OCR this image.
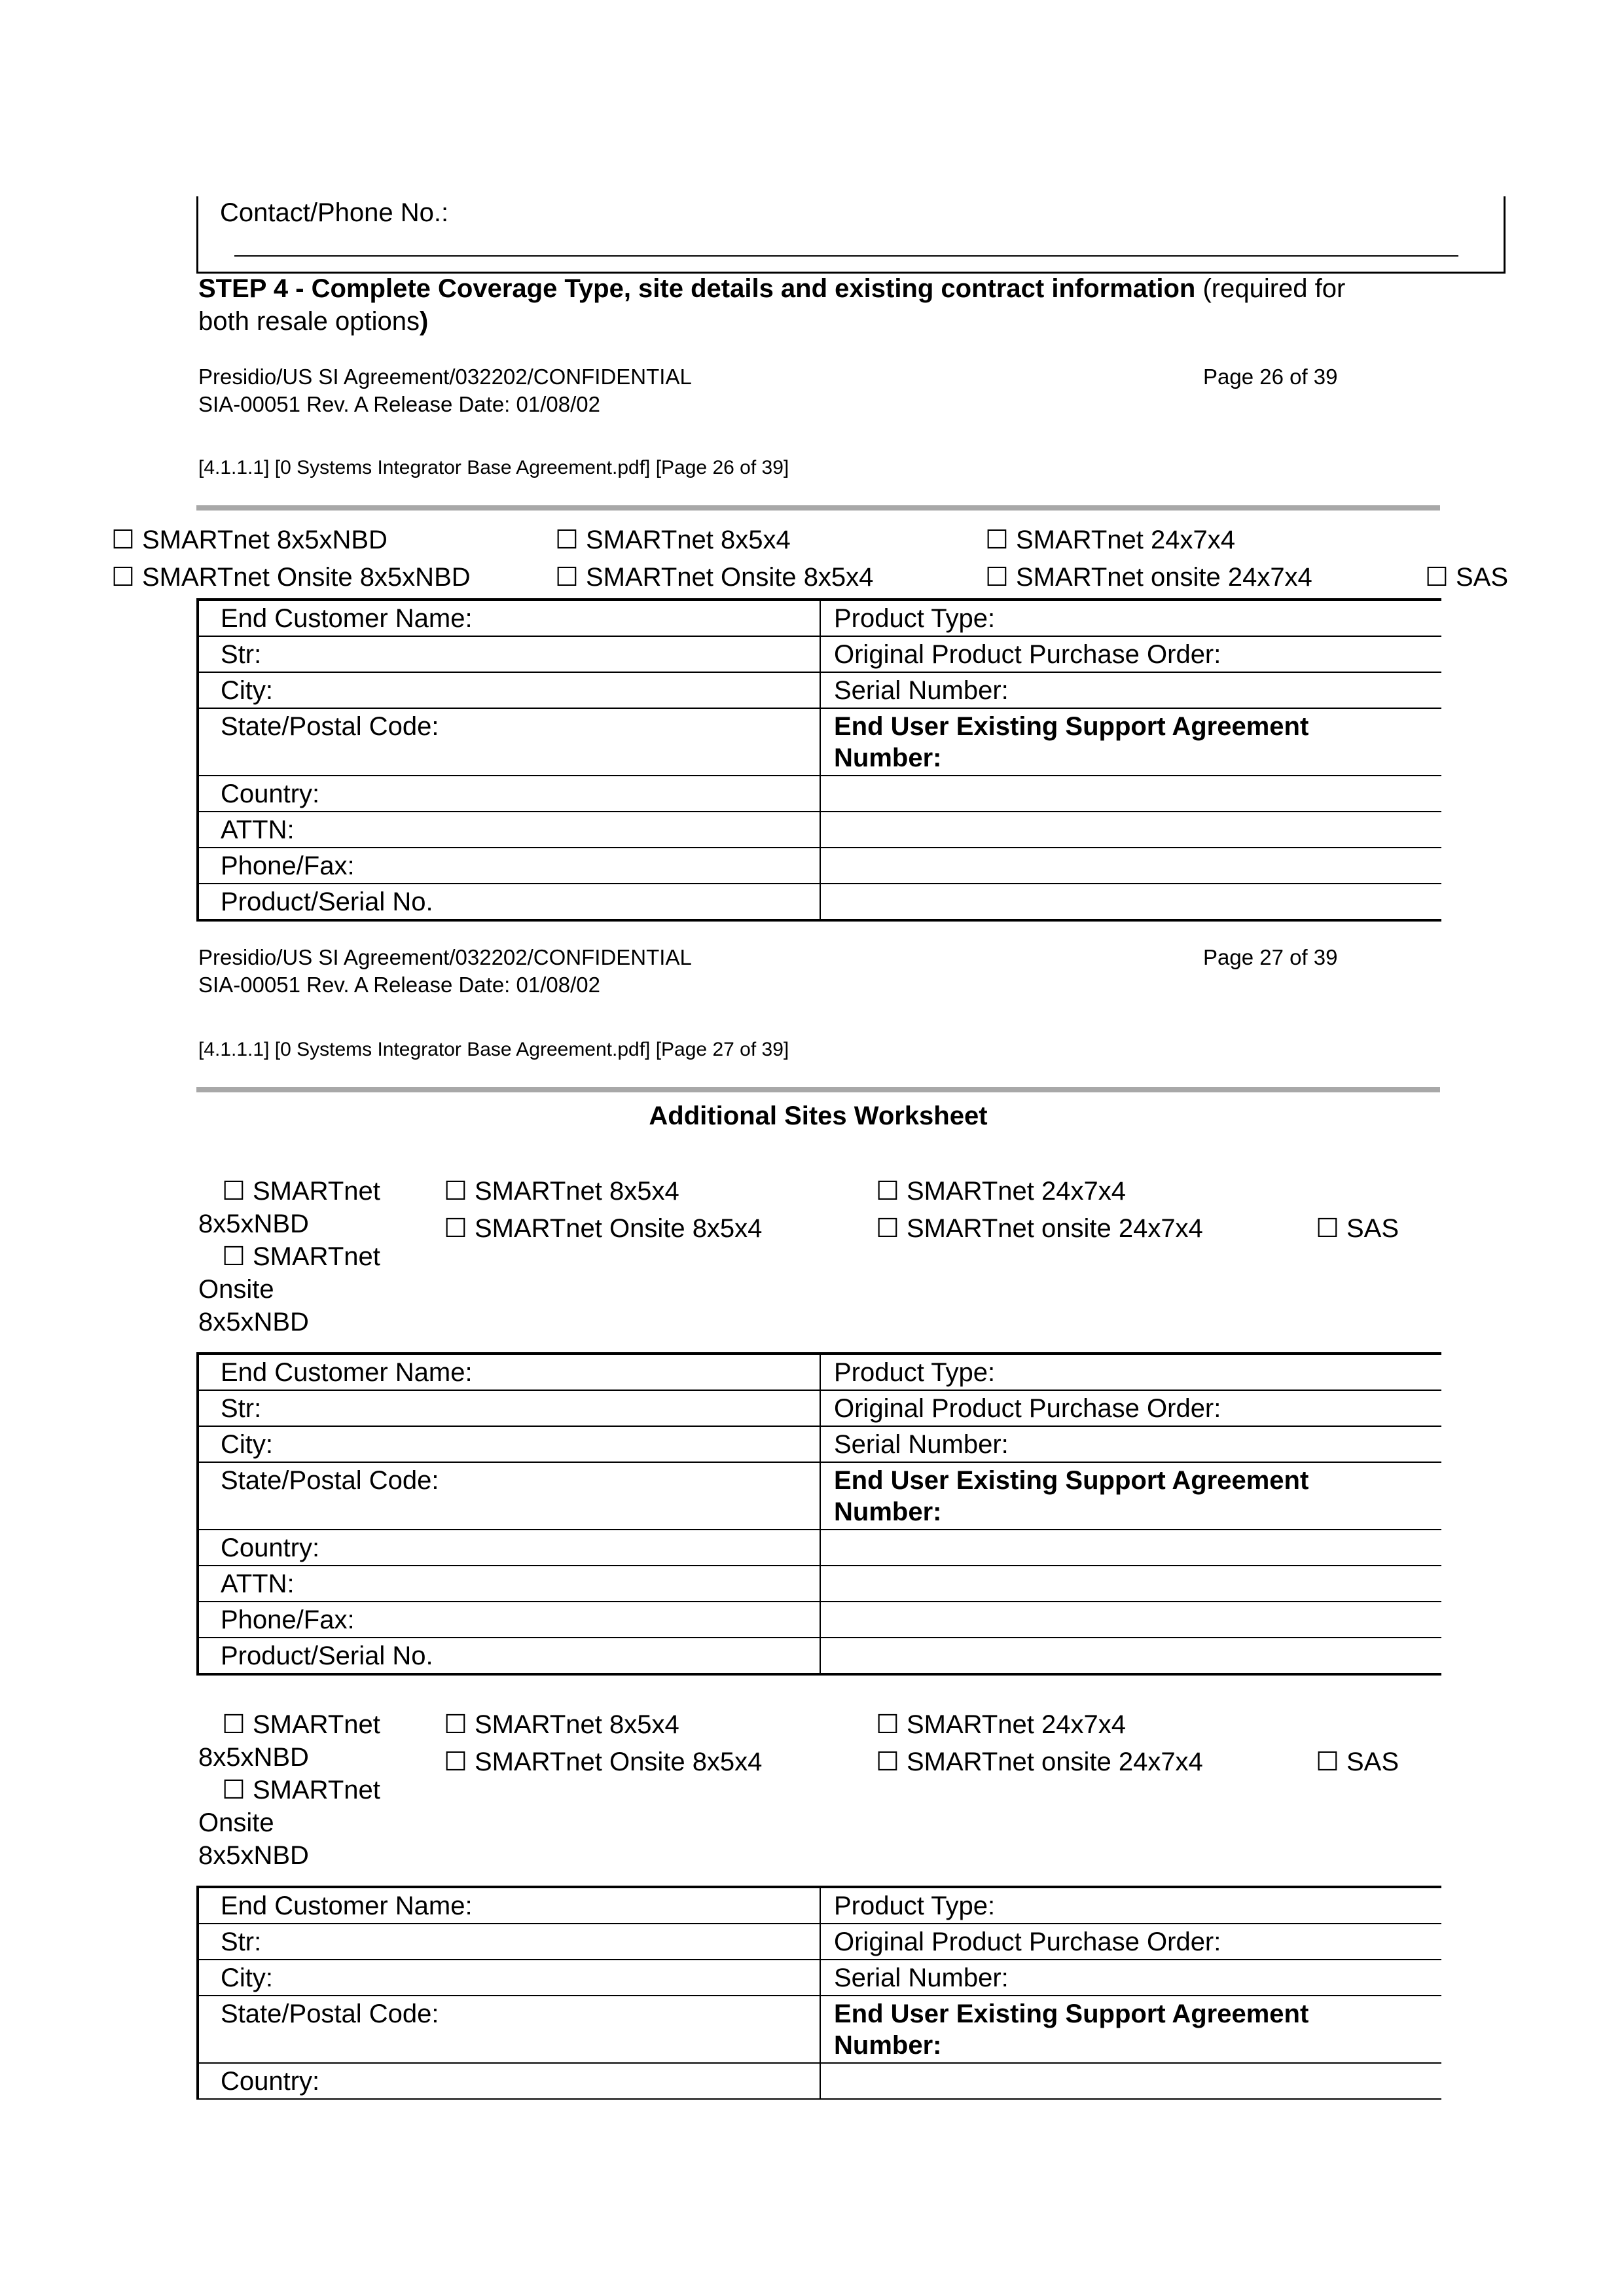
Contact/Phone No.:
STEP 4 - Complete Coverage Type, site details and existing contract information (required for
both resale options)
Presidio/US SI Agreement/032202/CONFIDENTIAL
SIA-00051 Rev. A Release Date: 01/08/02
Page 26 of 39
[4.1.1.1] [0 Systems Integrator Base Agreement.pdf] [Page 26 of 39]
☐ SMARTnet 8x5xNBD	☐ SMARTnet 8x5x4	☐ SMARTnet 24x7x4
☐ SMARTnet Onsite 8x5xNBD	☐ SMARTnet Onsite 8x5x4	☐ SMARTnet onsite 24x7x4	☐ SAS
End Customer Name:	Product Type:
Str:	Original Product Purchase Order:
City:	Serial Number:
State/Postal Code:	End User Existing Support Agreement
Number:

Country:	
ATTN:	
Phone/Fax:	
Product/Serial No.	
Presidio/US SI Agreement/032202/CONFIDENTIAL
SIA-00051 Rev. A Release Date: 01/08/02
Page 27 of 39
[4.1.1.1] [0 Systems Integrator Base Agreement.pdf] [Page 27 of 39]
Additional Sites Worksheet
☐ SMARTnet
8x5xNBD
☐ SMARTnet
Onsite
8x5xNBD
☐ SMARTnet 8x5x4
☐ SMARTnet Onsite 8x5x4
☐ SMARTnet 24x7x4
☐ SMARTnet onsite 24x7x4	☐ SAS
End Customer Name:	Product Type:
Str:	Original Product Purchase Order:
City:	Serial Number:
State/Postal Code:	End User Existing Support Agreement
Number:

Country:	
ATTN:	
Phone/Fax:	
Product/Serial No.	
☐ SMARTnet
8x5xNBD
☐ SMARTnet
Onsite
8x5xNBD
☐ SMARTnet 8x5x4
☐ SMARTnet Onsite 8x5x4
☐ SMARTnet 24x7x4
☐ SMARTnet onsite 24x7x4	☐ SAS
End Customer Name:	Product Type:
Str:	Original Product Purchase Order:
City:	Serial Number:
State/Postal Code:	End User Existing Support Agreement
Number:

Country:	
